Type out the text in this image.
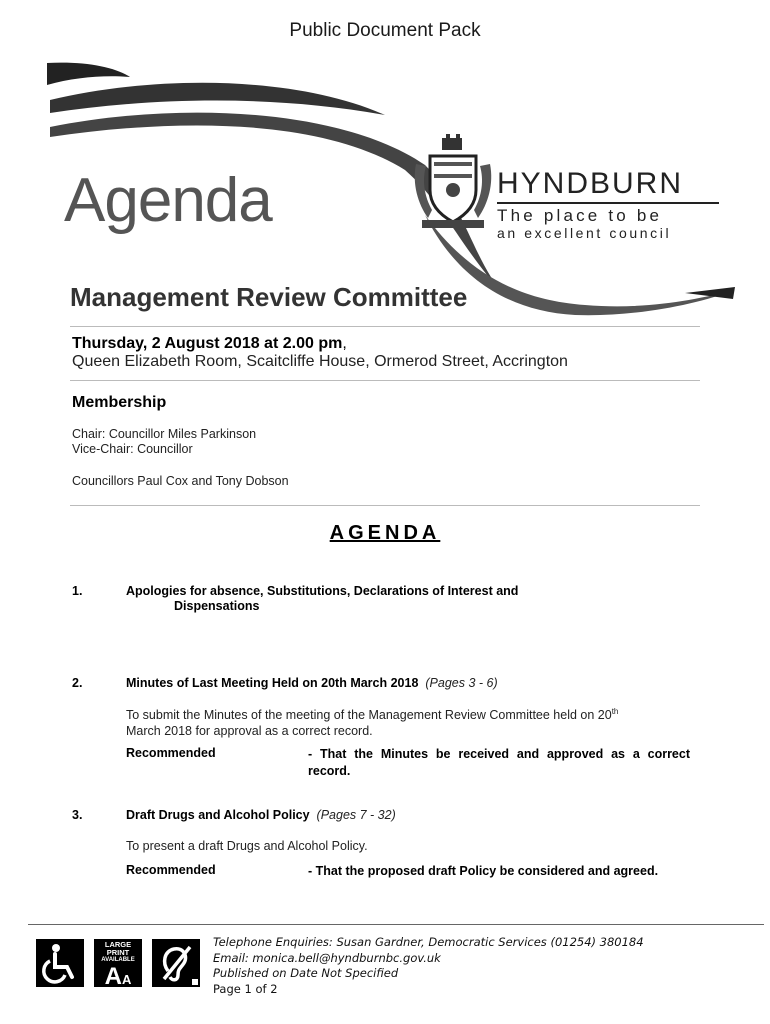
Public Document Pack
Agenda	HYNDBURN
The place to be
an excellent council
Management Review Committee
Thursday, 2 August 2018 at 2.00 pm,
Queen Elizabeth Room, Scaitcliffe House, Ormerod Street, Accrington
Membership
Chair: Councillor Miles Parkinson
Vice-Chair: Councillor
Councillors Paul Cox and Tony Dobson
AGENDA
1.	Apologies for absence, Substitutions, Declarations of Interest and
Dispensations
2.	Minutes of Last Meeting Held on 20th March 2018 (Pages 3 - 6)
To submit the Minutes of the meeting of the Management Review Committee held on 20th
March 2018 for approval as a correct record.
Recommended	- That the Minutes be received and approved as a correct record.
3.	Draft Drugs and Alcohol Policy (Pages 7 - 32)
To present a draft Drugs and Alcohol Policy.
Recommended	- That the proposed draft Policy be considered and agreed.
LARGE PRINT
AVAILABLE
AA
Telephone Enquiries: Susan Gardner, Democratic Services (01254) 380184
Email: monica.bell@hyndburnbc.gov.uk
Published on Date Not Specified
Page 1 of 2
